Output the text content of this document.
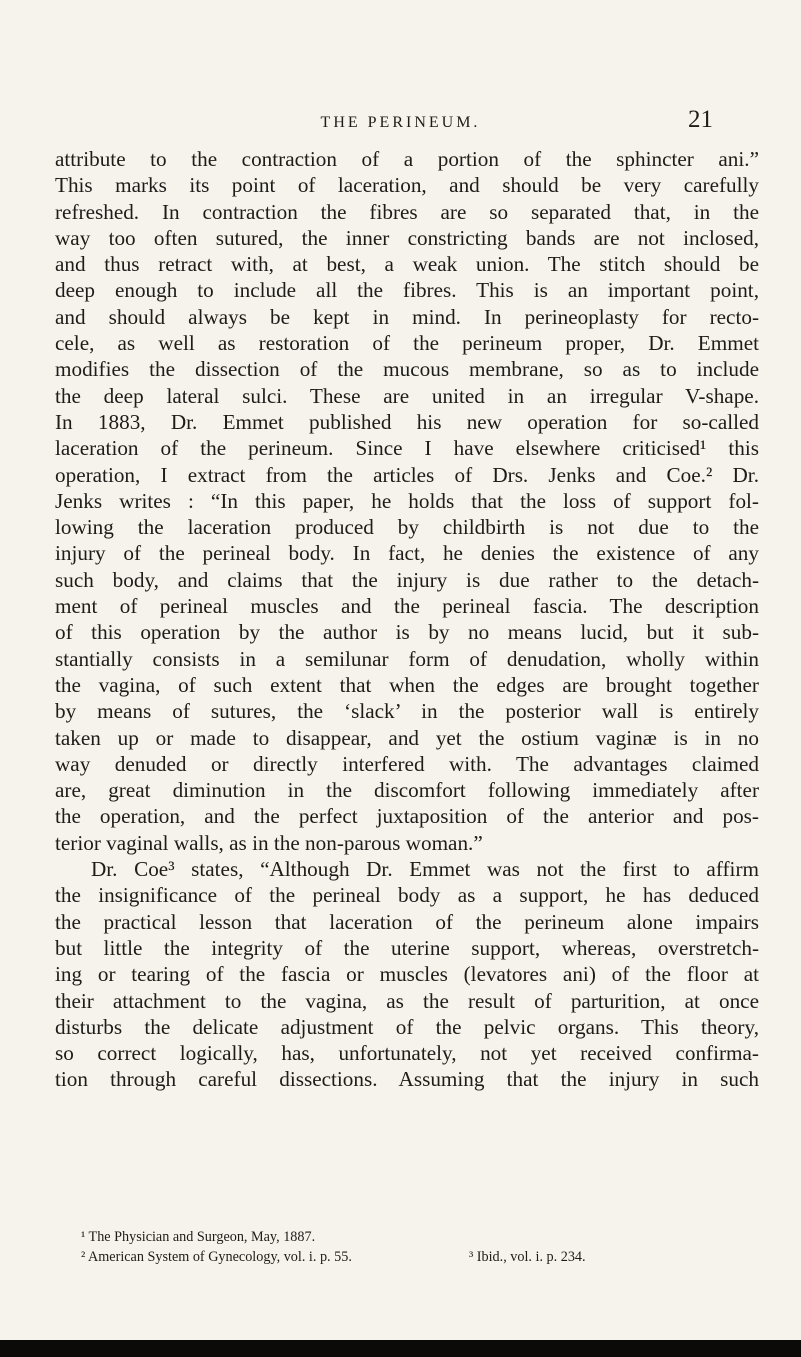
THE PERINEUM.	21
attribute to the contraction of a portion of the sphincter ani.”
This marks its point of laceration, and should be very carefully
refreshed. In contraction the fibres are so separated that, in the
way too often sutured, the inner constricting bands are not inclosed,
and thus retract with, at best, a weak union. The stitch should be
deep enough to include all the fibres. This is an important point,
and should always be kept in mind. In perineoplasty for recto-
cele, as well as restoration of the perineum proper, Dr. Emmet
modifies the dissection of the mucous membrane, so as to include
the deep lateral sulci. These are united in an irregular V-shape.
In 1883, Dr. Emmet published his new operation for so-called
laceration of the perineum. Since I have elsewhere criticised¹ this
operation, I extract from the articles of Drs. Jenks and Coe.² Dr.
Jenks writes : “In this paper, he holds that the loss of support fol-
lowing the laceration produced by childbirth is not due to the
injury of the perineal body. In fact, he denies the existence of any
such body, and claims that the injury is due rather to the detach-
ment of perineal muscles and the perineal fascia. The description
of this operation by the author is by no means lucid, but it sub-
stantially consists in a semilunar form of denudation, wholly within
the vagina, of such extent that when the edges are brought together
by means of sutures, the ‘slack’ in the posterior wall is entirely
taken up or made to disappear, and yet the ostium vaginæ is in no
way denuded or directly interfered with. The advantages claimed
are, great diminution in the discomfort following immediately after
the operation, and the perfect juxtaposition of the anterior and pos-
terior vaginal walls, as in the non-parous woman.”
Dr. Coe³ states, “Although Dr. Emmet was not the first to affirm
the insignificance of the perineal body as a support, he has deduced
the practical lesson that laceration of the perineum alone impairs
but little the integrity of the uterine support, whereas, overstretch-
ing or tearing of the fascia or muscles (levatores ani) of the floor at
their attachment to the vagina, as the result of parturition, at once
disturbs the delicate adjustment of the pelvic organs. This theory,
so correct logically, has, unfortunately, not yet received confirma-
tion through careful dissections. Assuming that the injury in such
¹ The Physician and Surgeon, May, 1887.
² American System of Gynecology, vol. i. p. 55.	³ Ibid., vol. i. p. 234.
